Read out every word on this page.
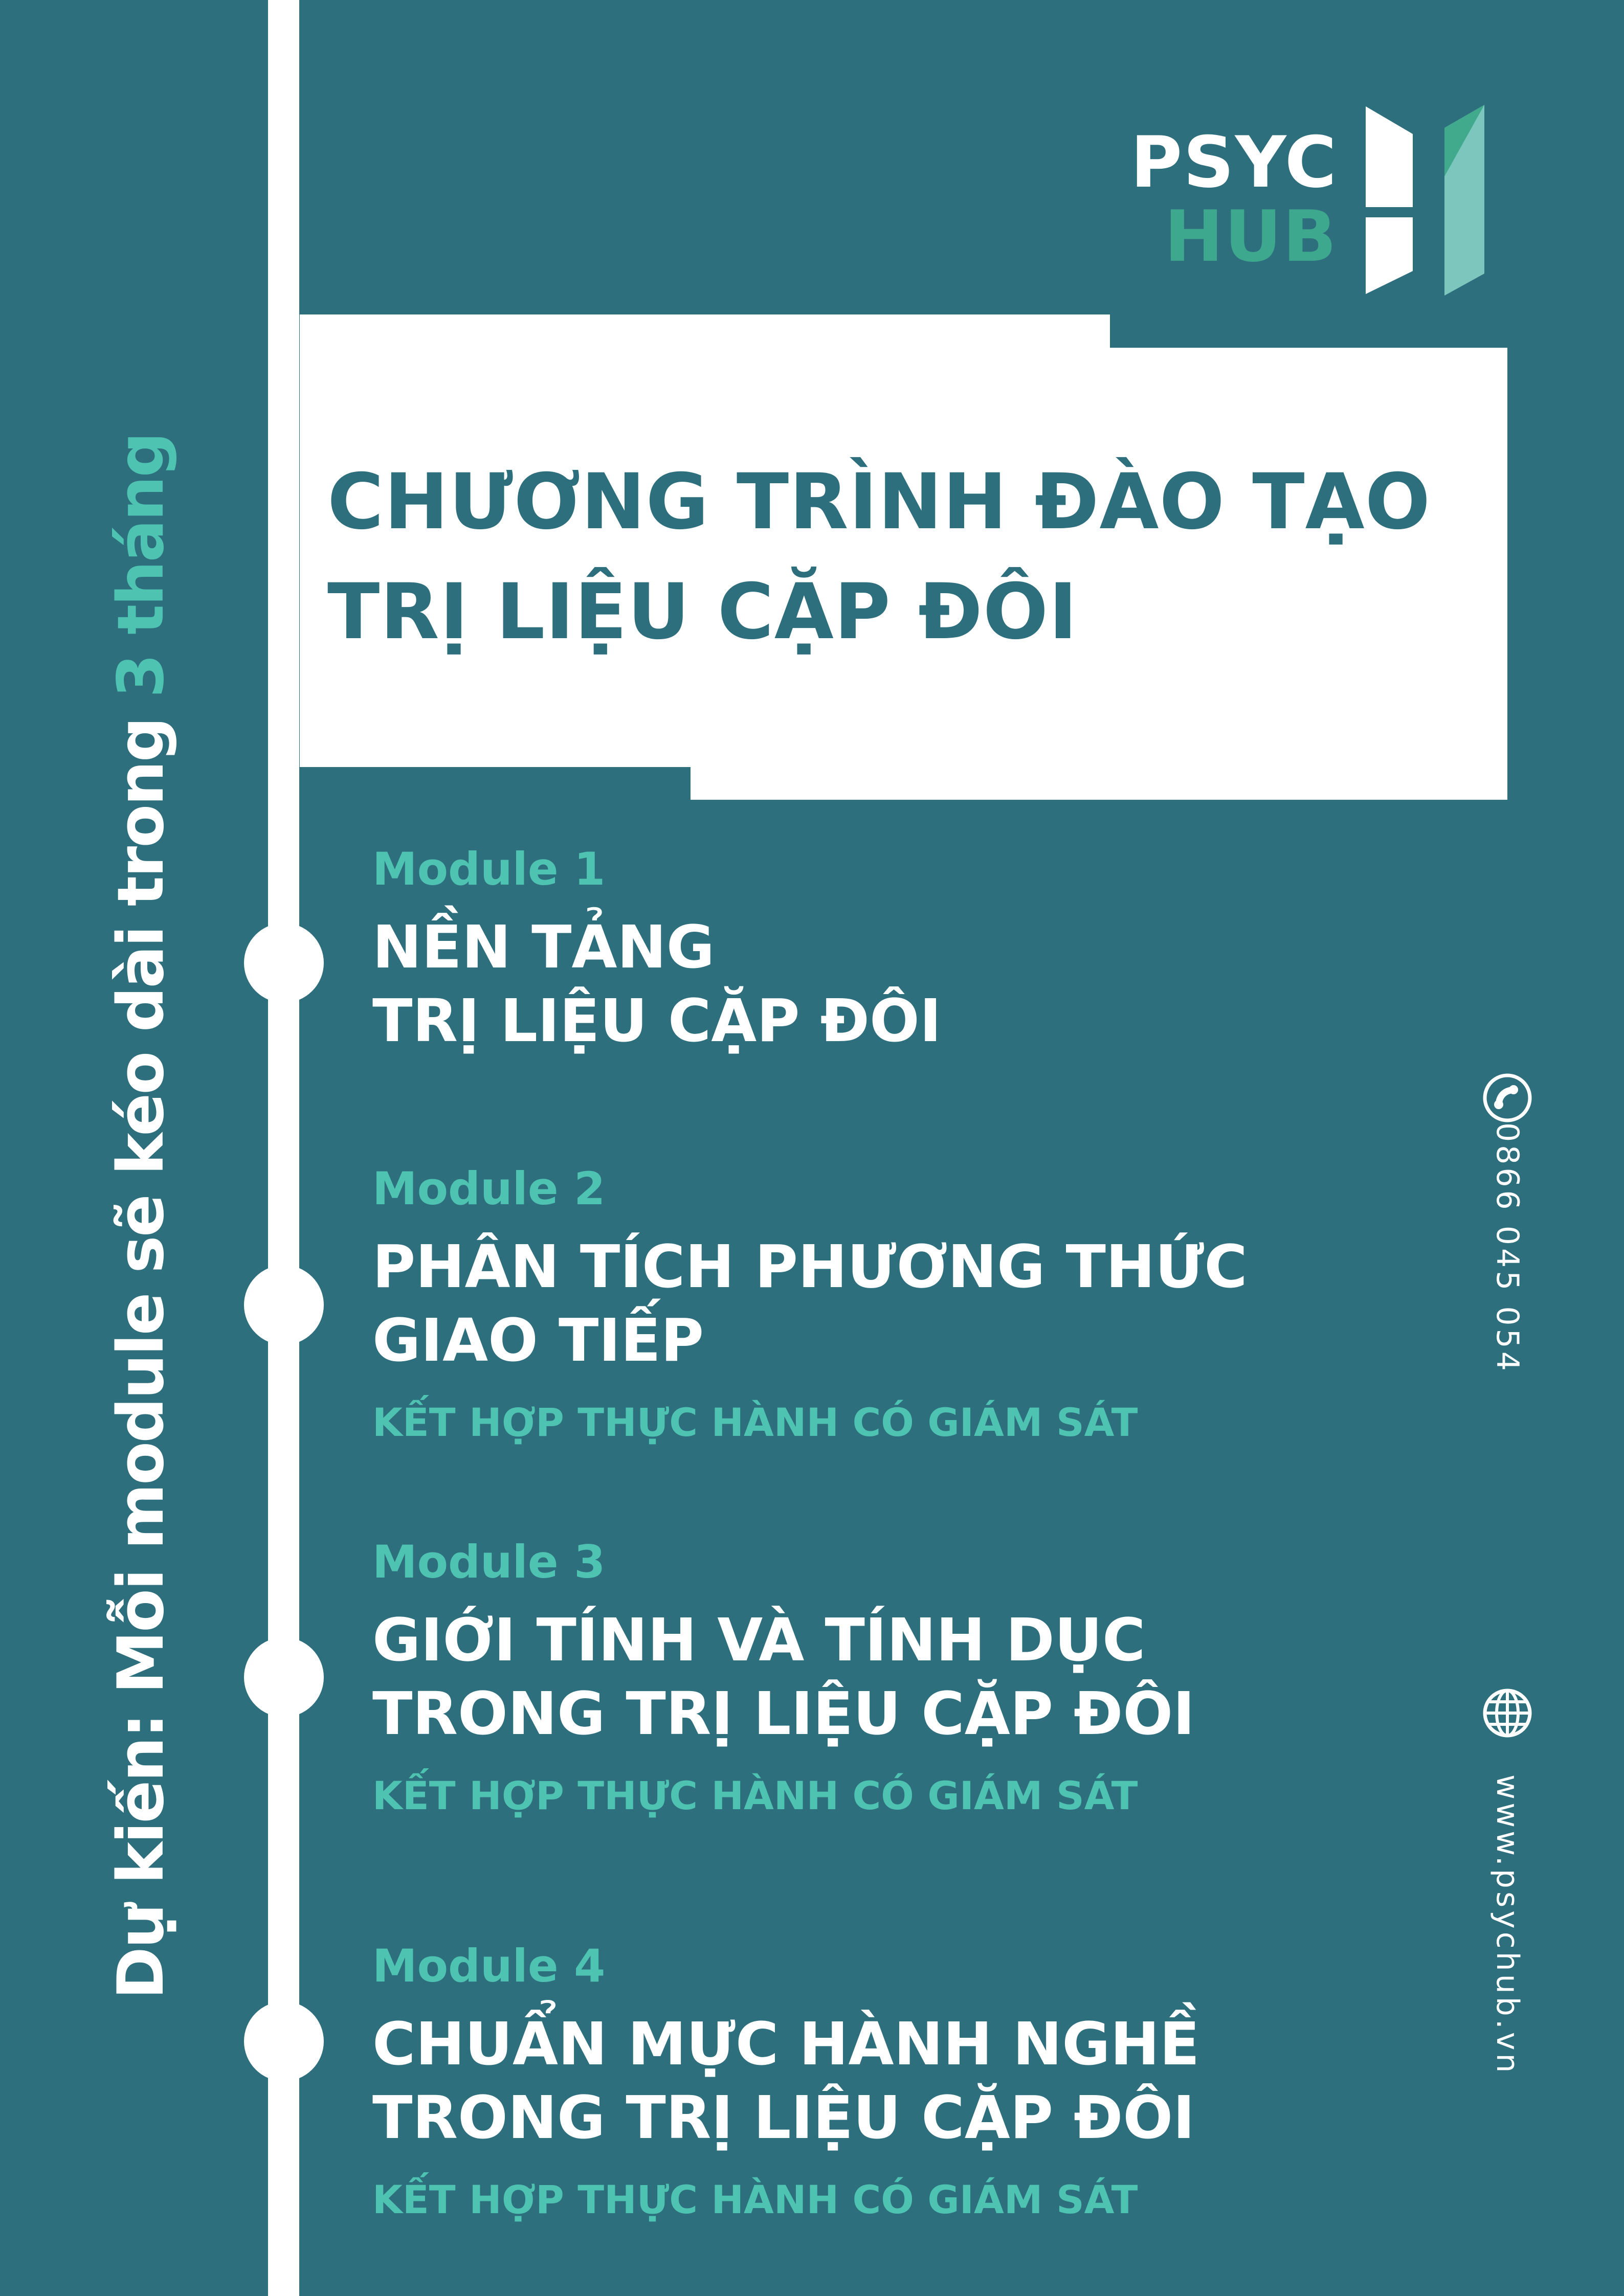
Dự kiến: Mỗi module sẽ kéo dài trong 3 tháng CHƯƠNG TRÌNH ĐÀO TẠO
TRỊ LIỆU CẶP ĐÔI
PSYC
HUB
Module 1
NỀN TẢNG
TRỊ LIỆU CẶP ĐÔI
Module 2
PHÂN TÍCH PHƯƠNG THỨC
GIAO TIẾP
KẾT HỢP THỰC HÀNH CÓ GIÁM SÁT
Module 3
GIỚI TÍNH VÀ TÍNH DỤC
TRONG TRỊ LIỆU CẶP ĐÔI
KẾT HỢP THỰC HÀNH CÓ GIÁM SÁT
Module 4
CHUẨN MỰC HÀNH NGHỀ
TRONG TRỊ LIỆU CẶP ĐÔI
KẾT HỢP THỰC HÀNH CÓ GIÁM SÁT
0866 045 054
www.psychub.vn
